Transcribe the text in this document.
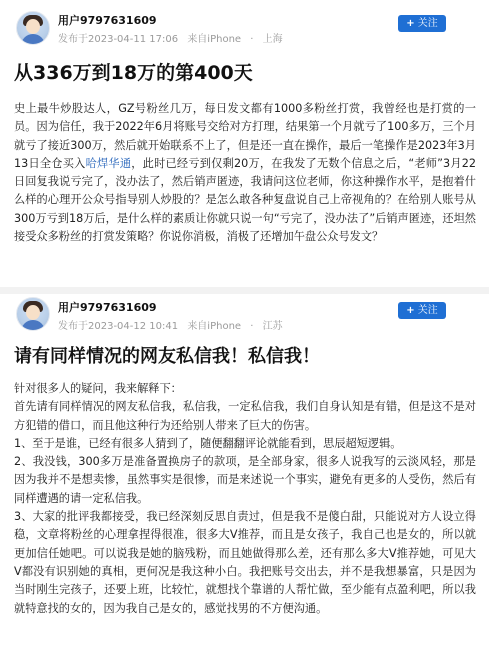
用户9797631609
发布于2023-04-11 17:06 来自iPhone · 上海
+ 关注
从336万到18万的第400天

史上最牛炒股达人，GZ号粉丝几万，每日发文都有1000多粉丝打赏，我曾经也是打赏的一员。因为信任，我于2022年6月将账号交给对方打理，结果第一个月就亏了100多万，三个月就亏了接近300万，然后就开始联系不上了，但是还一直在操作，最后一笔操作是2023年3月13日全仓买入哈焊华通，此时已经亏到仅剩20万，在我发了无数个信息之后，“老师”3月22日回复我说亏完了，没办法了，然后销声匿迹，我请问这位老师，你这种操作水平，是抱着什么样的心理开公众号指导别人炒股的？是怎么敢各种复盘说自己上帝视角的？在给别人账号从300万亏到18万后，是什么样的素质让你就只说一句“亏完了，没办法了”后销声匿迹，还坦然接受众多粉丝的打赏发策略？你说你消极，消极了还增加午盘公众号发文？

用户9797631609
发布于2023-04-12 10:41 来自iPhone · 江苏
+ 关注
请有同样情况的网友私信我！私信我！

针对很多人的疑问，我来解释下：

首先请有同样情况的网友私信我，私信我，一定私信我，我们自身认知是有错，但是这不是对方犯错的借口，而且他这种行为还给别人带来了巨大的伤害。

1、至于是谁，已经有很多人猜到了，随便翻翻评论就能看到，思辰超短逻辑。

2、我没钱，300多万是准备置换房子的款项，是全部身家，很多人说我写的云淡风轻，那是因为我并不是想卖惨，虽然事实是很惨，而是来述说一个事实，避免有更多的人受伤，然后有同样遭遇的请一定私信我。

3、大家的批评我都接受，我已经深刻反思自责过，但是我不是傻白甜，只能说对方人设立得稳，文章将粉丝的心理拿捏得很准，很多大V推荐，而且是女孩子，我自己也是女的，所以就更加信任她吧。可以说我是她的脑残粉，而且她做得那么差，还有那么多大V推荐她，可见大V都没有识别她的真相，更何况是我这种小白。我把账号交出去，并不是我想暴富，只是因为当时刚生完孩子，还要上班，比较忙，就想找个靠谱的人帮忙做，至少能有点盈利吧，所以我就特意找的女的，因为我自己是女的，感觉找男的不方便沟通。
